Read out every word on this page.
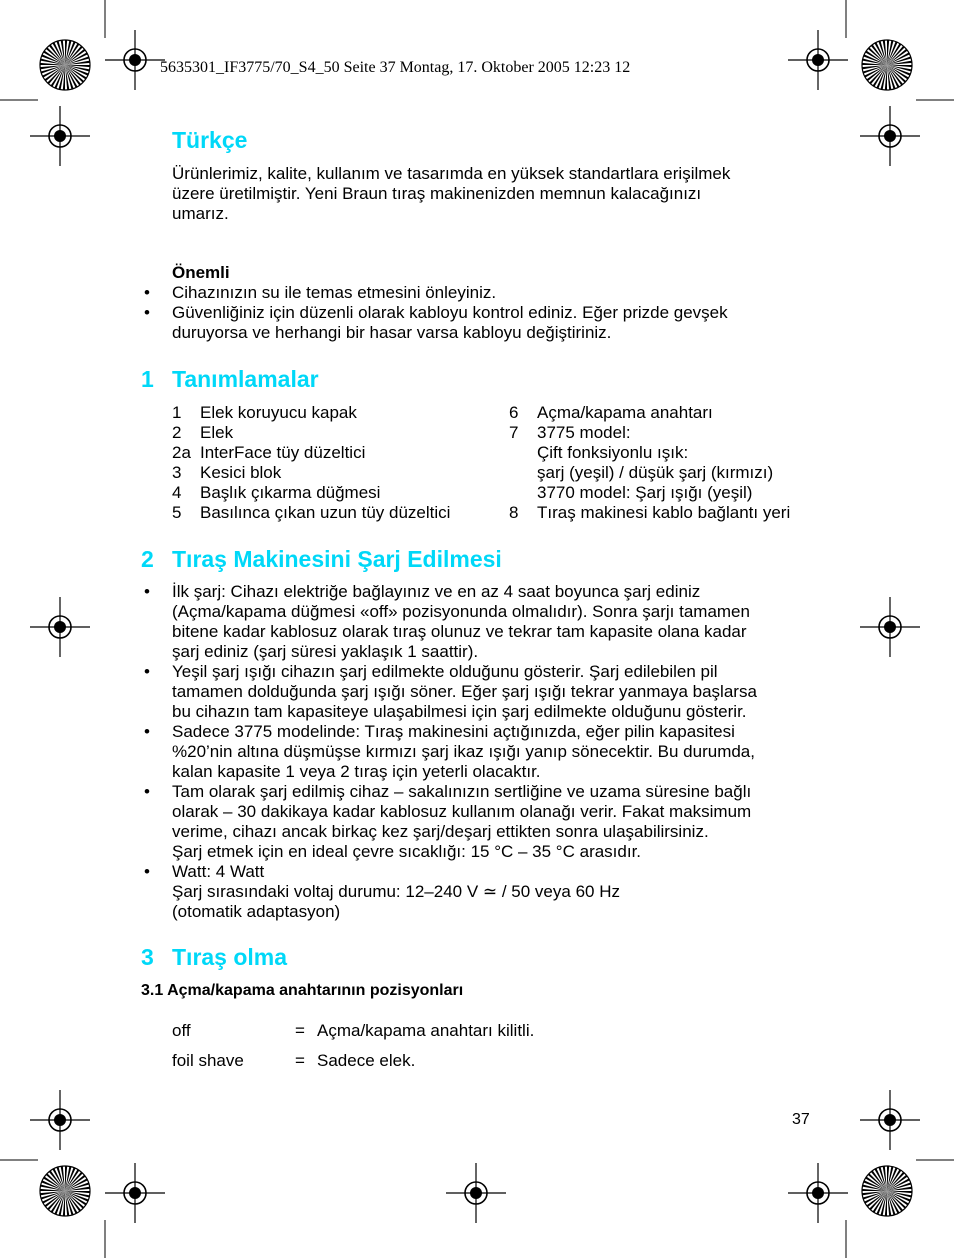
5635301_IF3775/70_S4_50 Seite 37 Montag, 17. Oktober 2005 12:23 12
Türkçe
Ürünlerimiz, kalite, kullanım ve tasarımda en yüksek standartlara erişilmek
üzere üretilmiştir. Yeni Braun tıraş makinenizden memnun kalacağınızı
umarız.
Önemli
• Cihazınızın su ile temas etmesini önleyiniz.
• Güvenliğiniz için düzenli olarak kabloyu kontrol ediniz. Eğer prizde gevşek
duruyorsa ve herhangi bir hasar varsa kabloyu değiştiriniz.
1 Tanımlamalar
1 Elek koruyucu kapak
2 Elek
2a InterFace tüy düzeltici
3 Kesici blok
4 Başlık çıkarma düğmesi
5 Basılınca çıkan uzun tüy düzeltici
6 Açma/kapama anahtarı
7 3775 model:
Çift fonksiyonlu ışık:
şarj (yeşil) / düşük şarj (kırmızı)
3770 model: Şarj ışığı (yeşil)
8 Tıraş makinesi kablo bağlantı yeri
2 Tıraş Makinesini Şarj Edilmesi
• İlk şarj: Cihazı elektriğe bağlayınız ve en az 4 saat boyunca şarj ediniz
(Açma/kapama düğmesi «off» pozisyonunda olmalıdır). Sonra şarjı tamamen
bitene kadar kablosuz olarak tıraş olunuz ve tekrar tam kapasite olana kadar
şarj ediniz (şarj süresi yaklaşık 1 saattir).
• Yeşil şarj ışığı cihazın şarj edilmekte olduğunu gösterir. Şarj edilebilen pil
tamamen dolduğunda şarj ışığı söner. Eğer şarj ışığı tekrar yanmaya başlarsa
bu cihazın tam kapasiteye ulaşabilmesi için şarj edilmekte olduğunu gösterir.
• Sadece 3775 modelinde: Tıraş makinesini açtığınızda, eğer pilin kapasitesi
%20’nin altına düşmüşse kırmızı şarj ikaz ışığı yanıp sönecektir. Bu durumda,
kalan kapasite 1 veya 2 tıraş için yeterli olacaktır.
• Tam olarak şarj edilmiş cihaz – sakalınızın sertliğine ve uzama süresine bağlı
olarak – 30 dakikaya kadar kablosuz kullanım olanağı verir. Fakat maksimum
verime, cihazı ancak birkaç kez şarj/deşarj ettikten sonra ulaşabilirsiniz.
Şarj etmek için en ideal çevre sıcaklığı: 15 °C – 35 °C arasıdır.
• Watt: 4 Watt
Şarj sırasındaki voltaj durumu: 12–240 V ≃ / 50 veya 60 Hz
(otomatik adaptasyon)
3 Tıraş olma
3.1 Açma/kapama anahtarının pozisyonları
off	= Açma/kapama anahtarı kilitli.
foil shave	= Sadece elek.
37
